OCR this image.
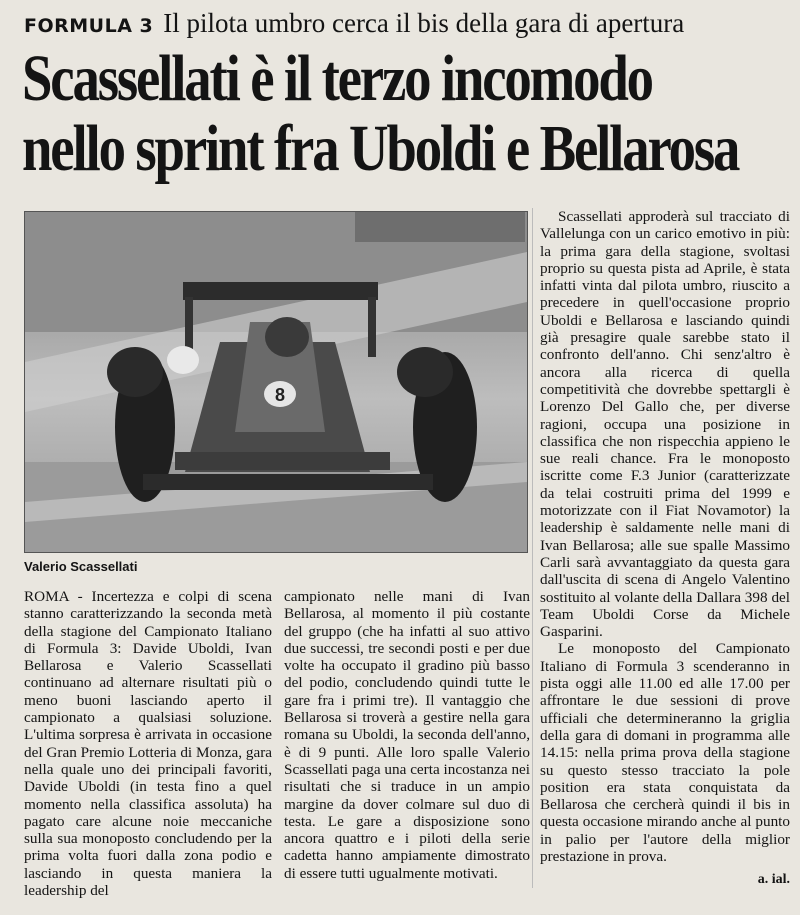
FORMULA 3 Il pilota umbro cerca il bis della gara di apertura
Scassellati è il terzo incomodo
nello sprint fra Uboldi e Bellarosa
8
Valerio Scassellati

ROMA - Incertezza e colpi di scena stanno caratterizzando la seconda metà della stagione del Campionato Italiano di Formula 3: Davide Uboldi, Ivan Bellarosa e Valerio Scassellati continuano ad alternare risultati più o meno buoni lasciando aperto il campionato a qualsiasi soluzione. L'ultima sorpresa è arrivata in occasione del Gran Premio Lotteria di Monza, gara nella quale uno dei principali favoriti, Davide Uboldi (in testa fino a quel momento nella classifica assoluta) ha pagato care alcune noie meccaniche sulla sua monoposto concludendo per la prima volta fuori dalla zona podio e lasciando in questa maniera la leadership del

campionato nelle mani di Ivan Bellarosa, al momento il più costante del gruppo (che ha infatti al suo attivo due successi, tre secondi posti e per due volte ha occupato il gradino più basso del podio, concludendo quindi tutte le gare fra i primi tre). Il vantaggio che Bellarosa si troverà a gestire nella gara romana su Uboldi, la seconda dell'anno, è di 9 punti. Alle loro spalle Valerio Scassellati paga una certa incostanza nei risultati che si traduce in un ampio margine da dover colmare sul duo di testa. Le gare a disposizione sono ancora quattro e i piloti della serie cadetta hanno ampiamente dimostrato di essere tutti ugualmente motivati.

Scassellati approderà sul tracciato di Vallelunga con un carico emotivo in più: la prima gara della stagione, svoltasi proprio su questa pista ad Aprile, è stata infatti vinta dal pilota umbro, riuscito a precedere in quell'occasione proprio Uboldi e Bellarosa e lasciando quindi già presagire quale sarebbe stato il confronto dell'anno. Chi senz'altro è ancora alla ricerca di quella competitività che dovrebbe spettargli è Lorenzo Del Gallo che, per diverse ragioni, occupa una posizione in classifica che non rispecchia appieno le sue reali chance. Fra le monoposto iscritte come F.3 Junior (caratterizzate da telai costruiti prima del 1999 e motorizzate con il Fiat Novamotor) la leadership è saldamente nelle mani di Ivan Bellarosa; alle sue spalle Massimo Carli sarà avvantaggiato da questa gara dall'uscita di scena di Angelo Valentino sostituito al volante della Dallara 398 del Team Uboldi Corse da Michele Gasparini.

Le monoposto del Campionato Italiano di Formula 3 scenderanno in pista oggi alle 11.00 ed alle 17.00 per affrontare le due sessioni di prove ufficiali che determineranno la griglia della gara di domani in programma alle 14.15: nella prima prova della stagione su questo stesso tracciato la pole position era stata conquistata da Bellarosa che cercherà quindi il bis in questa occasione mirando anche al punto in palio per l'autore della miglior prestazione in prova.

a. ial.
